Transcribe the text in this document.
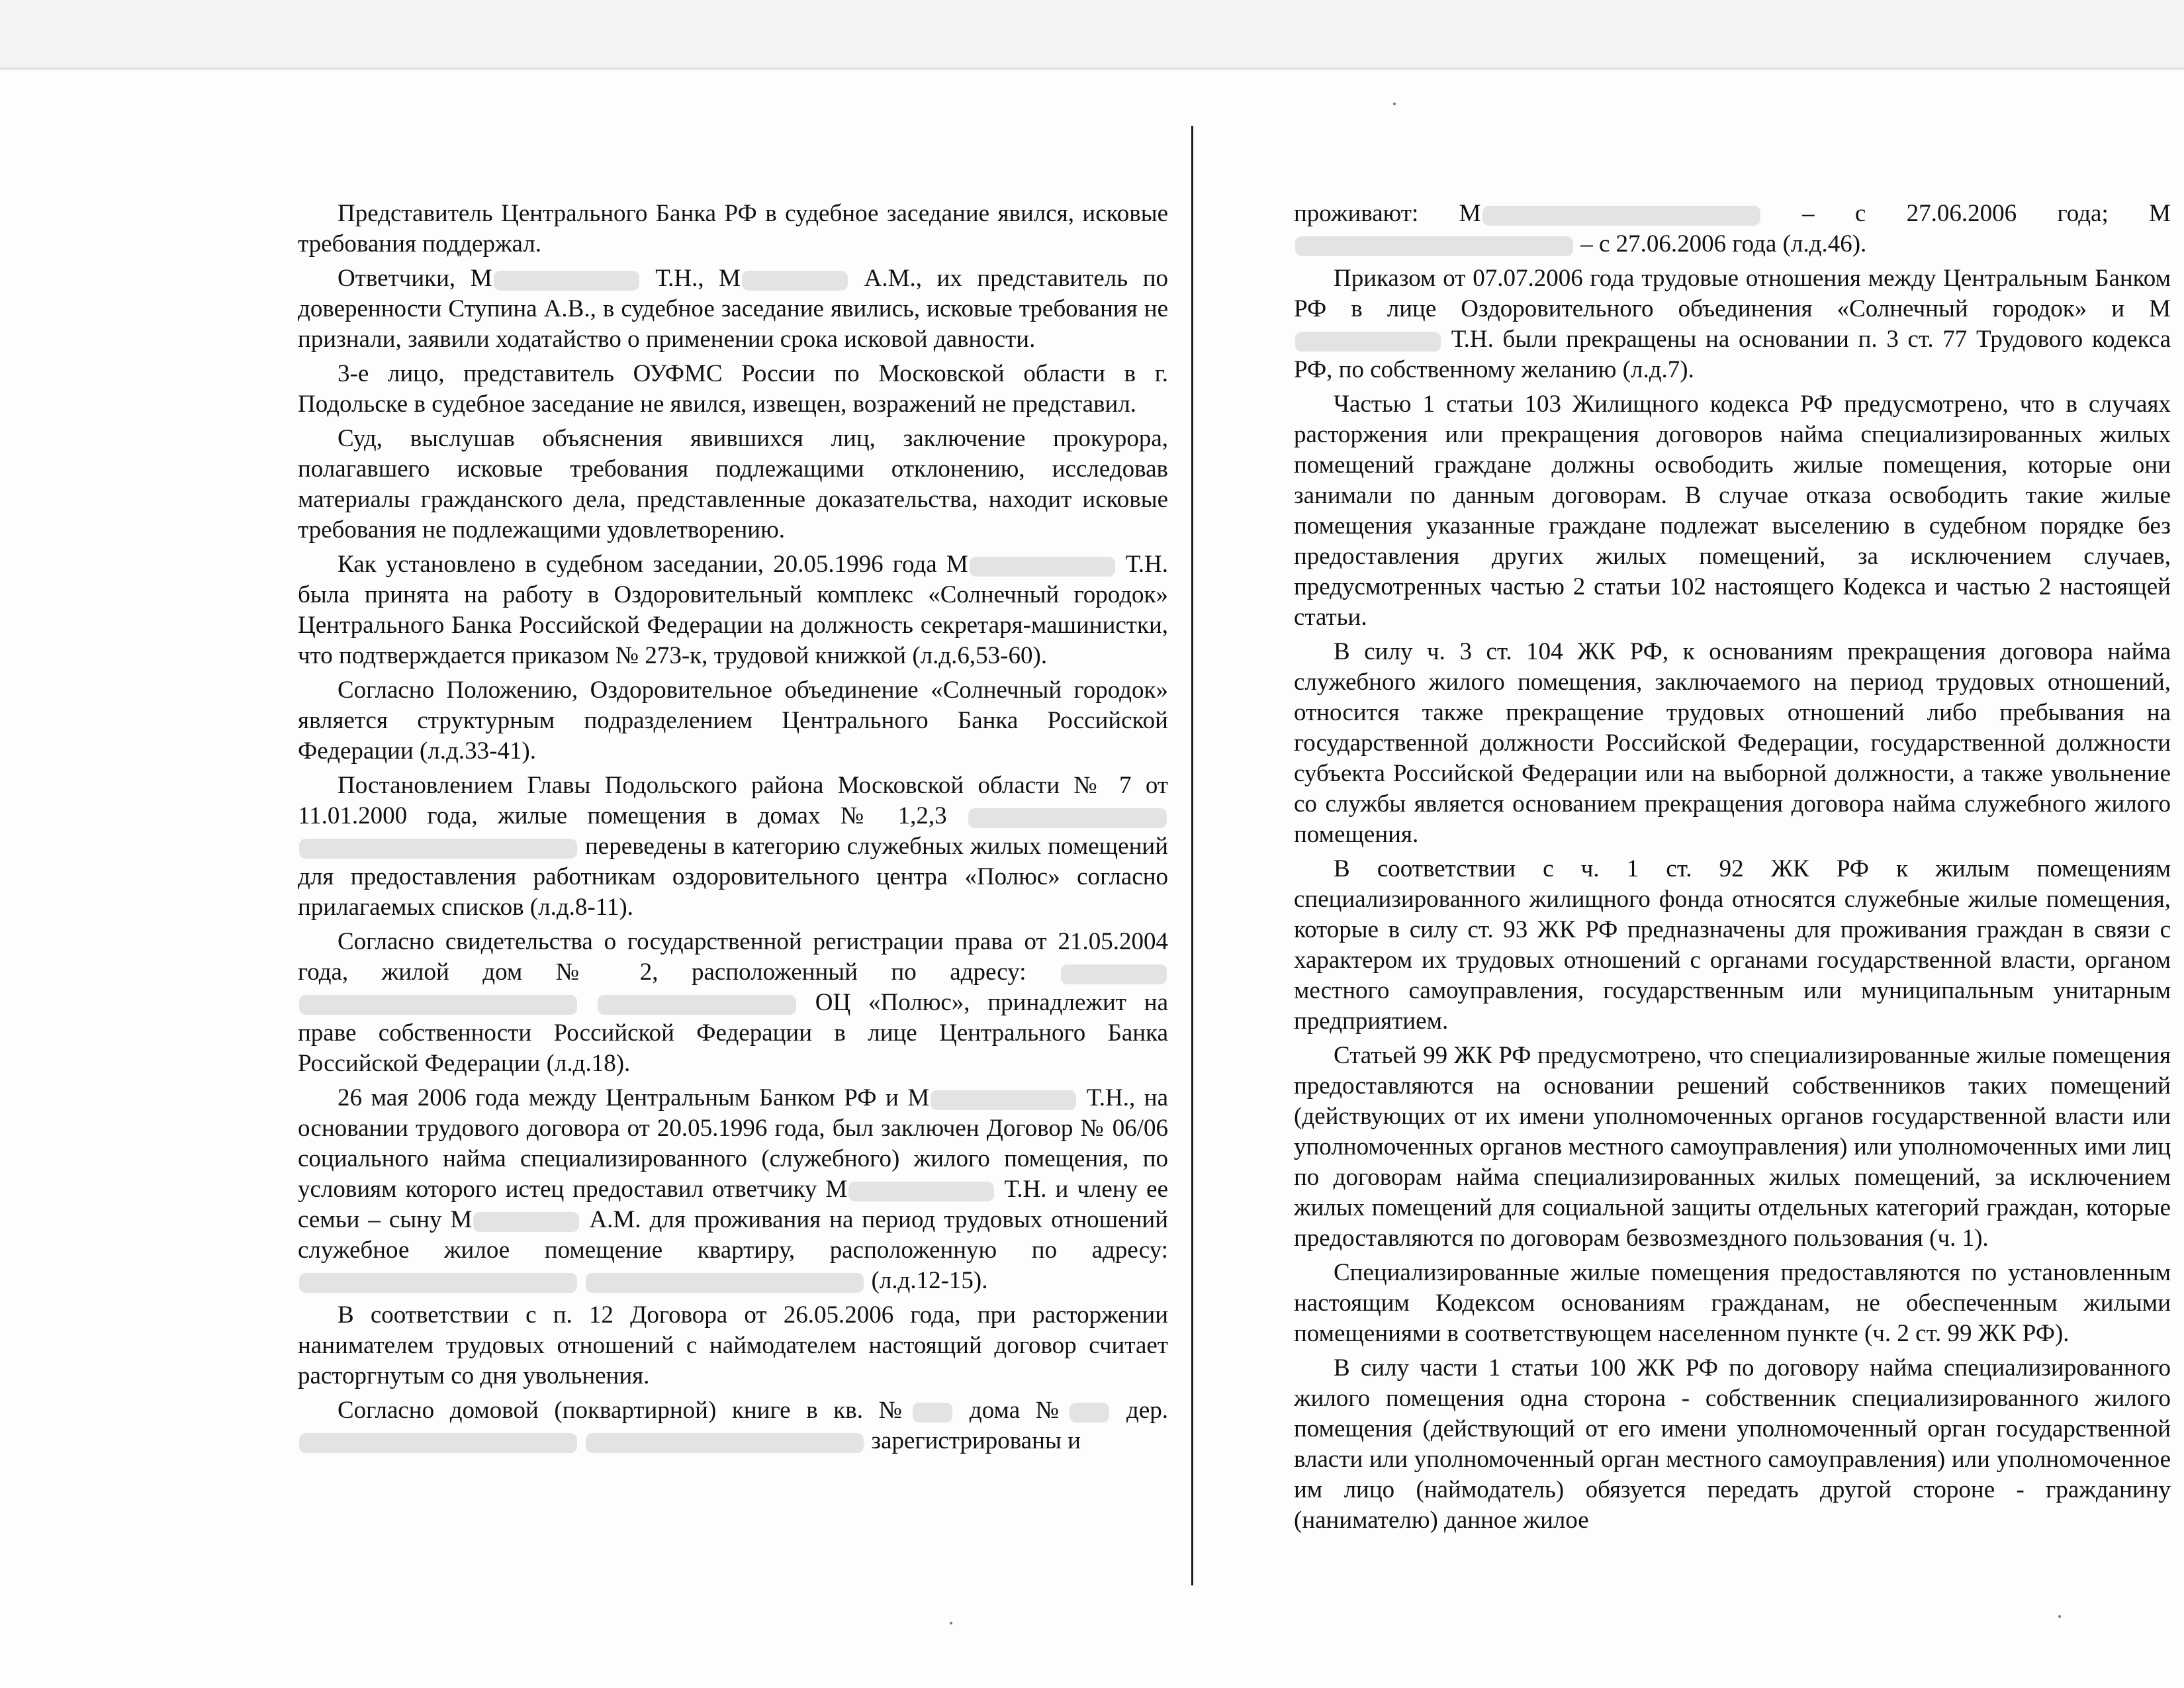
Представитель Центрального Банка РФ в судебное заседание явился, исковые требования поддержал.

Ответчики, М	Т.Н., М	А.М., их представитель по доверенности Ступина А.В., в судебное заседание явились, исковые требования не признали, заявили ходатайство о применении срока исковой давности.

3-е лицо, представитель ОУФМС России по Московской области в г. Подольске в судебное заседание не явился, извещен, возражений не представил.

Суд, выслушав объяснения явившихся лиц, заключение прокурора, полагавшего исковые требования подлежащими отклонению, исследовав материалы гражданского дела, представленные доказательства, находит исковые требования не подлежащими удовлетворению.

Как установлено в судебном заседании, 20.05.1996 года М	Т.Н. была принята на работу в Оздоровительный комплекс «Солнечный городок» Центрального Банка Российской Федерации на должность секретаря-машинистки, что подтверждается приказом № 273-к, трудовой книжкой (л.д.6,53-60).

Согласно Положению, Оздоровительное объединение «Солнечный городок» является структурным подразделением Центрального Банка Российской Федерации (л.д.33-41).

Постановлением Главы Подольского района Московской области № 7 от 11.01.2000 года, жилые помещения в домах № 1,2,3   переведены в категорию служебных жилых помещений для предоставления работникам оздоровительного центра «Полюс» согласно прилагаемых списков (л.д.8-11).

Согласно свидетельства о государственной регистрации права от 21.05.2004 года, жилой дом № 2, расположенный по адресу:    ОЦ «Полюс», принадлежит на праве собственности Российской Федерации в лице Центрального Банка Российской Федерации (л.д.18).

26 мая 2006 года между Центральным Банком РФ и М	Т.Н., на основании трудового договора от 20.05.1996 года, был заключен Договор № 06/06 социального найма специализированного (служебного) жилого помещения, по условиям которого истец предоставил ответчику М	Т.Н. и члену ее семьи – сыну М	А.М. для проживания на период трудовых отношений служебное жилое помещение квартиру, расположенную по адресу:   (л.д.12-15).

В соответствии с п. 12 Договора от 26.05.2006 года, при расторжении нанимателем трудовых отношений с наймодателем настоящий договор считает расторгнутым со дня увольнения.

Согласно домовой (поквартирной) книге в кв. № дома № дер.   зарегистрированы и

проживают: М	– с 27.06.2006 года; М  – с 27.06.2006 года (л.д.46).

Приказом от 07.07.2006 года трудовые отношения между Центральным Банком РФ в лице Оздоровительного объединения «Солнечный городок» и М Т.Н. были прекращены на основании п. 3 ст. 77 Трудового кодекса РФ, по собственному желанию (л.д.7).

Частью 1 статьи 103 Жилищного кодекса РФ предусмотрено, что в случаях расторжения или прекращения договоров найма специализированных жилых помещений граждане должны освободить жилые помещения, которые они занимали по данным договорам. В случае отказа освободить такие жилые помещения указанные граждане подлежат выселению в судебном порядке без предоставления других жилых помещений, за исключением случаев, предусмотренных частью 2 статьи 102 настоящего Кодекса и частью 2 настоящей статьи.

В силу ч. 3 ст. 104 ЖК РФ, к основаниям прекращения договора найма служебного жилого помещения, заключаемого на период трудовых отношений, относится также прекращение трудовых отношений либо пребывания на государственной должности Российской Федерации, государственной должности субъекта Российской Федерации или на выборной должности, а также увольнение со службы является основанием прекращения договора найма служебного жилого помещения.

В соответствии с ч. 1 ст. 92 ЖК РФ к жилым помещениям специализированного жилищного фонда относятся служебные жилые помещения, которые в силу ст. 93 ЖК РФ предназначены для проживания граждан в связи с характером их трудовых отношений с органами государственной власти, органом местного самоуправления, государственным или муниципальным унитарным предприятием.

Статьей 99 ЖК РФ предусмотрено, что специализированные жилые помещения предоставляются на основании решений собственников таких помещений (действующих от их имени уполномоченных органов государственной власти или уполномоченных органов местного самоуправления) или уполномоченных ими лиц по договорам найма специализированных жилых помещений, за исключением жилых помещений для социальной защиты отдельных категорий граждан, которые предоставляются по договорам безвозмездного пользования (ч. 1).

Специализированные жилые помещения предоставляются по установленным настоящим Кодексом основаниям гражданам, не обеспеченным жилыми помещениями в соответствующем населенном пункте (ч. 2 ст. 99 ЖК РФ).

В силу части 1 статьи 100 ЖК РФ по договору найма специализированного жилого помещения одна сторона - собственник специализированного жилого помещения (действующий от его имени уполномоченный орган государственной власти или уполномоченный орган местного самоуправления) или уполномоченное им лицо (наймодатель) обязуется передать другой стороне - гражданину (нанимателю) данное жилое
